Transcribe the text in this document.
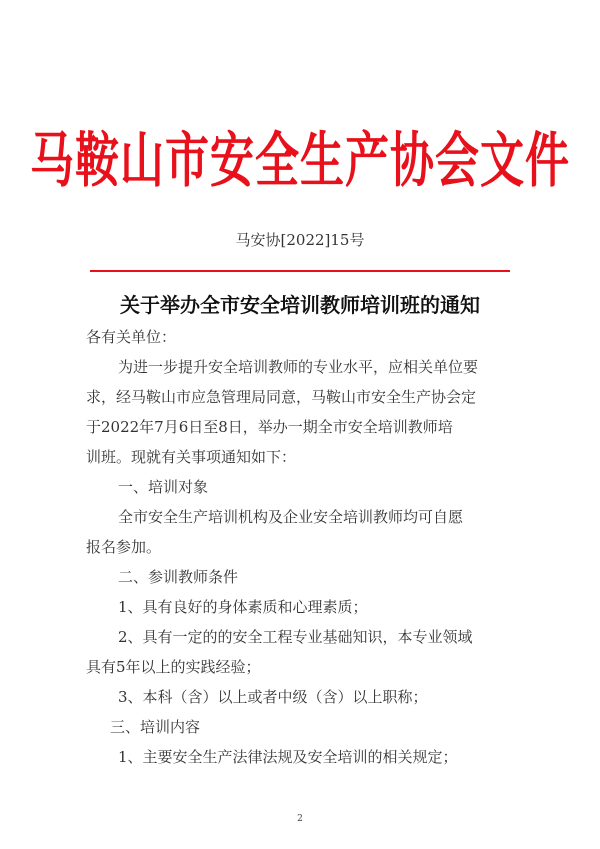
马鞍山市安全生产协会文件
马安协[2022]15号
关于举办全市安全培训教师培训班的通知
各有关单位：
为进一步提升安全培训教师的专业水平，应相关单位要
求，经马鞍山市应急管理局同意，马鞍山市安全生产协会定
于2022年7月6日至8日，举办一期全市安全培训教师培
训班。现就有关事项通知如下：
一、培训对象
全市安全生产培训机构及企业安全培训教师均可自愿
报名参加。
二、参训教师条件
1、具有良好的身体素质和心理素质；
2、具有一定的的安全工程专业基础知识，本专业领域
具有5年以上的实践经验；
3、本科（含）以上或者中级（含）以上职称；
三、培训内容
1、主要安全生产法律法规及安全培训的相关规定；
2
